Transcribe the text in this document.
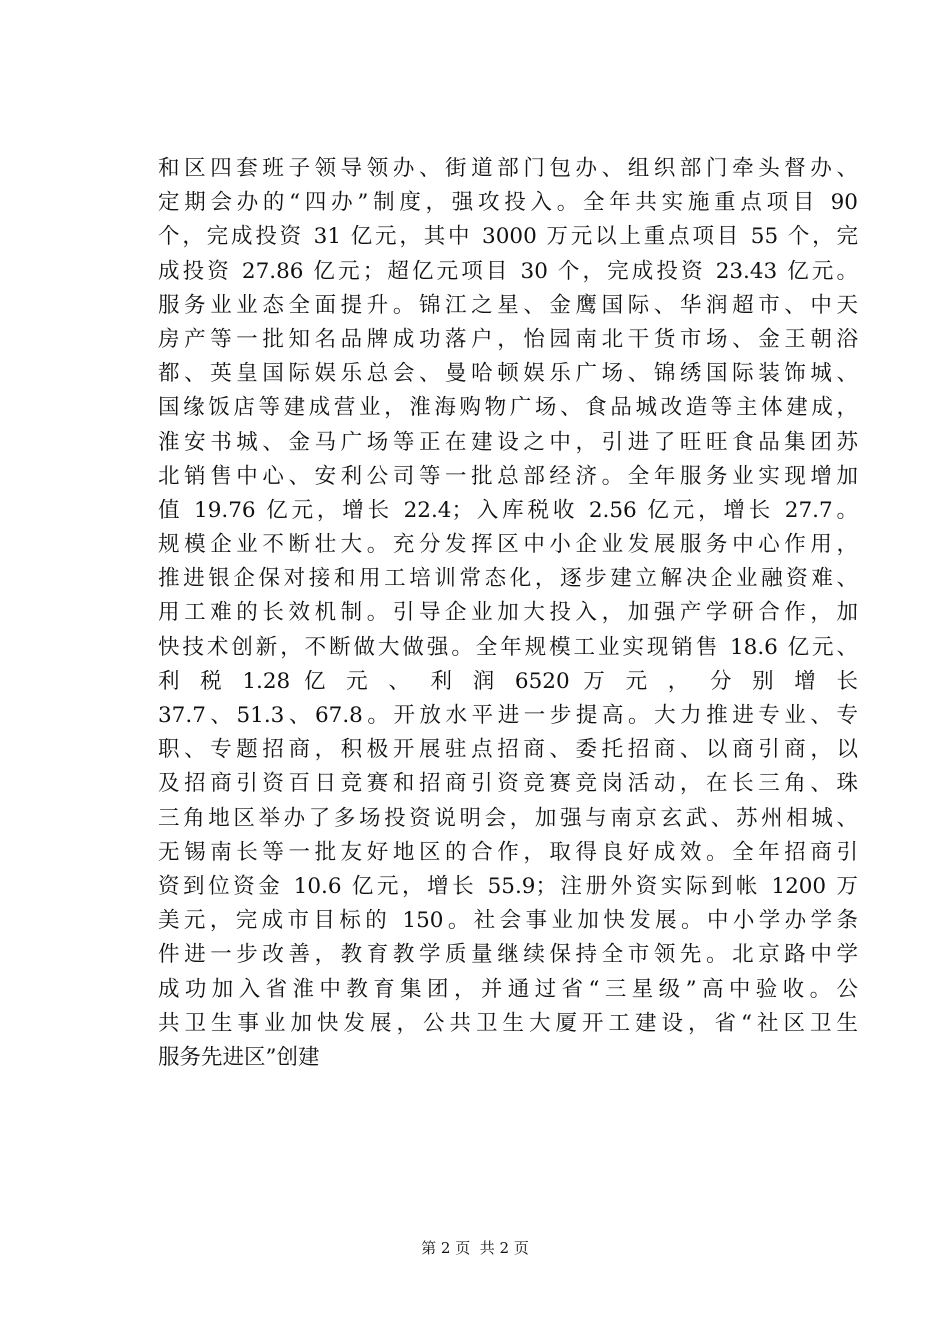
和区四套班子领导领办、街道部门包办、组织部门牵头督办、
定期会办的“四办”制度，强攻投入。全年共实施重点项目 90
个，完成投资 31 亿元，其中 3000 万元以上重点项目 55 个，完
成投资 27.86 亿元；超亿元项目 30 个，完成投资 23.43 亿元。
服务业业态全面提升。锦江之星、金鹰国际、华润超市、中天
房产等一批知名品牌成功落户，怡园南北干货市场、金王朝浴
都、英皇国际娱乐总会、曼哈顿娱乐广场、锦绣国际装饰城、
国缘饭店等建成营业，淮海购物广场、食品城改造等主体建成，
淮安书城、金马广场等正在建设之中，引进了旺旺食品集团苏
北销售中心、安利公司等一批总部经济。全年服务业实现增加
值 19.76 亿元，增长 22.4；入库税收 2.56 亿元，增长 27.7。
规模企业不断壮大。充分发挥区中小企业发展服务中心作用，
推进银企保对接和用工培训常态化，逐步建立解决企业融资难、
用工难的长效机制。引导企业加大投入，加强产学研合作，加
快技术创新，不断做大做强。全年规模工业实现销售 18.6 亿元、
利 税 1.28 亿 元 、 利 润 6520 万 元 ， 分 别 增 长
37.7、51.3、67.8。开放水平进一步提高。大力推进专业、专
职、专题招商，积极开展驻点招商、委托招商、以商引商，以
及招商引资百日竞赛和招商引资竞赛竞岗活动，在长三角、珠
三角地区举办了多场投资说明会，加强与南京玄武、苏州相城、
无锡南长等一批友好地区的合作，取得良好成效。全年招商引
资到位资金 10.6 亿元，增长 55.9；注册外资实际到帐 1200 万
美元，完成市目标的 150。社会事业加快发展。中小学办学条
件进一步改善，教育教学质量继续保持全市领先。北京路中学
成功加入省淮中教育集团，并通过省“三星级”高中验收。公
共卫生事业加快发展，公共卫生大厦开工建设，省“社区卫生
服务先进区”创建
第 2 页  共 2 页
